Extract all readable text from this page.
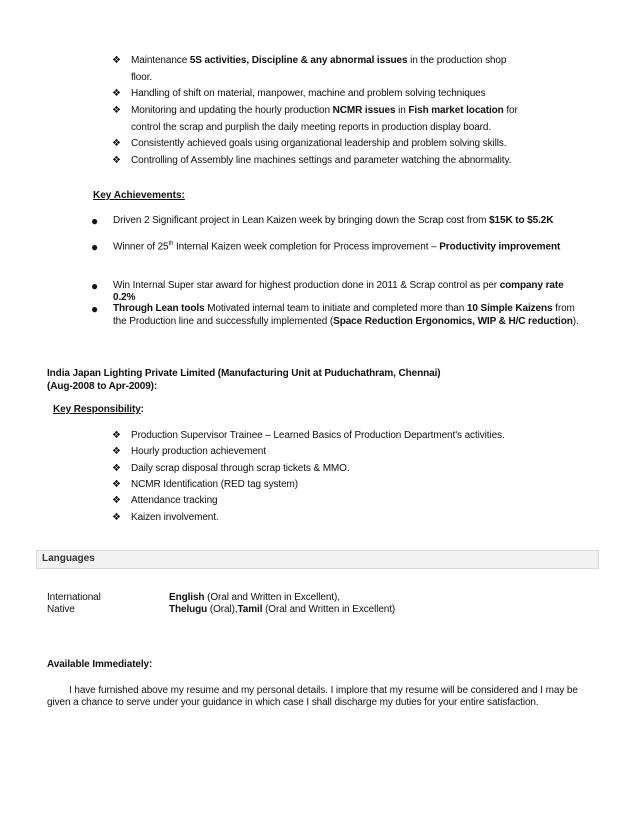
❖ Maintenance 5S activities, Discipline & any abnormal issues in the production shop
floor.
❖ Handling of shift on material, manpower, machine and problem solving techniques
❖ Monitoring and updating the hourly production NCMR issues in Fish market location for
control the scrap and purplish the daily meeting reports in production display board.
❖ Consistently achieved goals using organizational leadership and problem solving skills.
❖ Controlling of Assembly line machines settings and parameter watching the abnormality.
Key Achievements:
● Driven 2 Significant project in Lean Kaizen week by bringing down the Scrap cost from $15K to $5.2K
● Winner of 25th Internal Kaizen week completion for Process improvement – Productivity improvement
● Win Internal Super star award for highest production done in 2011 & Scrap control as per company rate
0.2%
● Through Lean tools Motivated internal team to initiate and completed more than 10 Simple Kaizens from
the Production line and successfully implemented (Space Reduction Ergonomics, WIP & H/C reduction).
India Japan Lighting Private Limited (Manufacturing Unit at Puduchathram, Chennai)
(Aug-2008 to Apr-2009):
Key Responsibility:
❖ Production Supervisor Trainee – Learned Basics of Production Department's activities.
❖ Hourly production achievement
❖ Daily scrap disposal through scrap tickets & MMO.
❖ NCMR Identification (RED tag system)
❖ Attendance tracking
❖ Kaizen involvement.
Languages
International	English (Oral and Written in Excellent),
Native	Thelugu (Oral),Tamil (Oral and Written in Excellent)
Available Immediately:
I have furnished above my resume and my personal details. I implore that my resume will be considered and I may be
given a chance to serve under your guidance in which case I shall discharge my duties for your entire satisfaction.
